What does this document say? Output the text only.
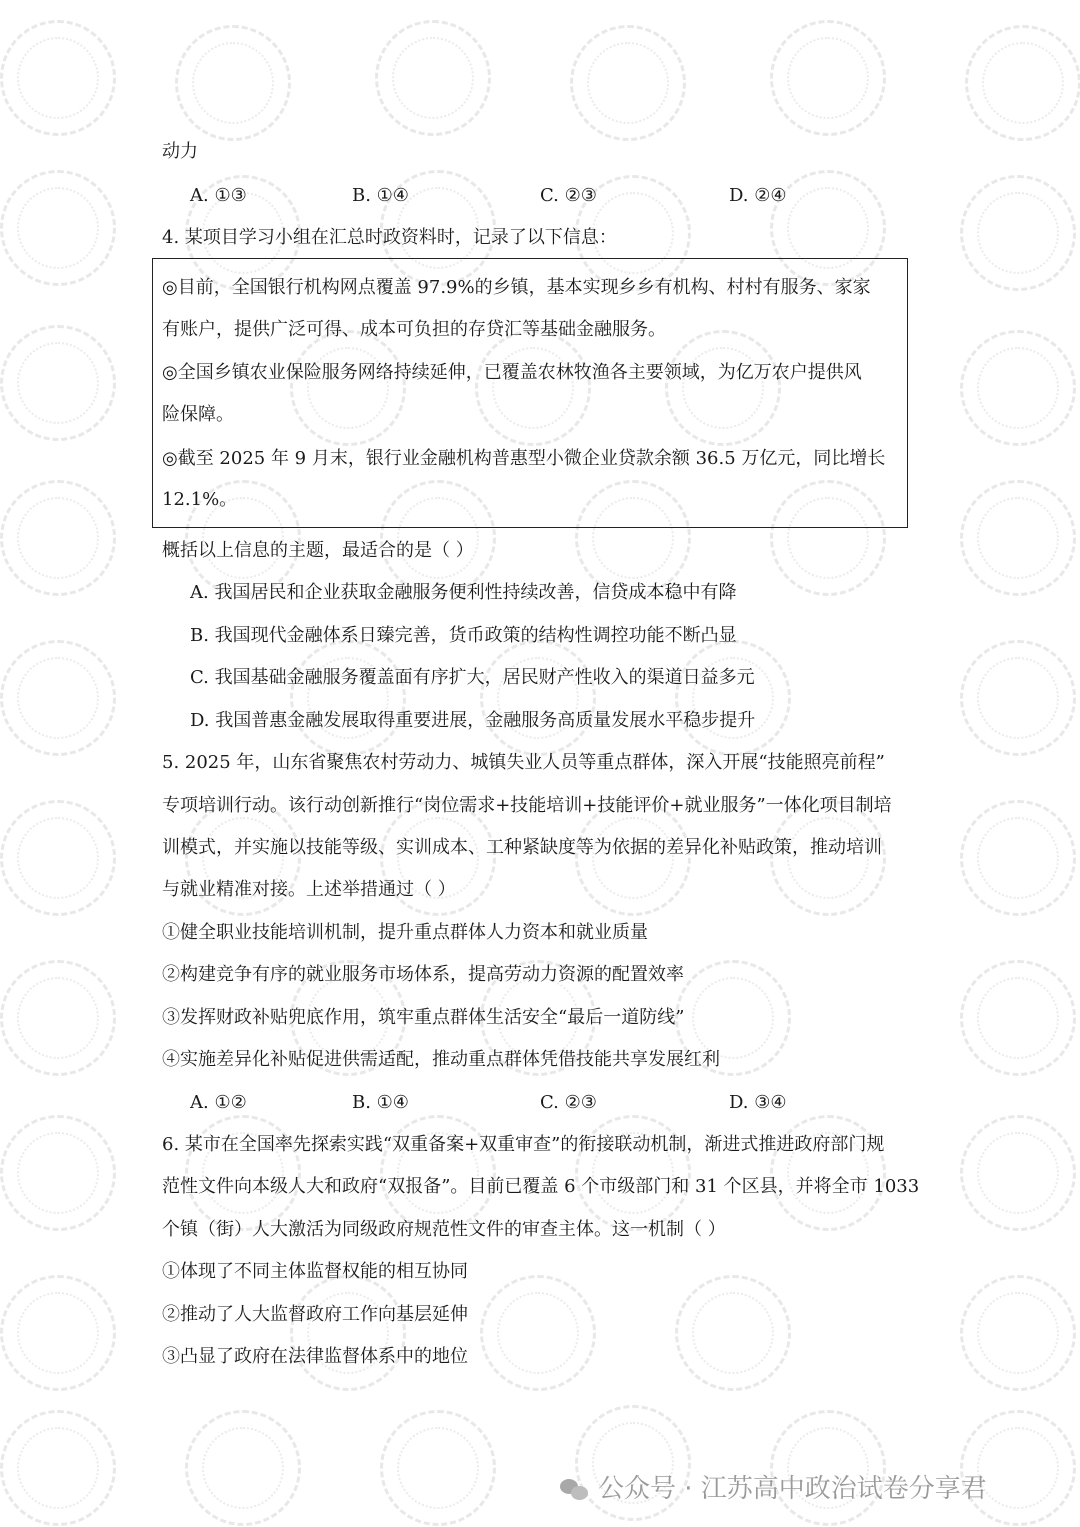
动力
A. ①③	B. ①④	C. ②③	D. ②④
4. 某项目学习小组在汇总时政资料时，记录了以下信息：
◎目前，全国银行机构网点覆盖 97.9%的乡镇，基本实现乡乡有机构、村村有服务、家家
有账户，提供广泛可得、成本可负担的存贷汇等基础金融服务。
◎全国乡镇农业保险服务网络持续延伸，已覆盖农林牧渔各主要领域，为亿万农户提供风
险保障。
◎截至 2025 年 9 月末，银行业金融机构普惠型小微企业贷款余额 36.5 万亿元，同比增长
12.1%。
概括以上信息的主题，最适合的是（ ）
A. 我国居民和企业获取金融服务便利性持续改善，信贷成本稳中有降
B. 我国现代金融体系日臻完善，货币政策的结构性调控功能不断凸显
C. 我国基础金融服务覆盖面有序扩大，居民财产性收入的渠道日益多元
D. 我国普惠金融发展取得重要进展，金融服务高质量发展水平稳步提升
5. 2025 年，山东省聚焦农村劳动力、城镇失业人员等重点群体，深入开展“技能照亮前程”
专项培训行动。该行动创新推行“岗位需求+技能培训+技能评价+就业服务”一体化项目制培
训模式，并实施以技能等级、实训成本、工种紧缺度等为依据的差异化补贴政策，推动培训
与就业精准对接。上述举措通过（ ）
①健全职业技能培训机制，提升重点群体人力资本和就业质量
②构建竞争有序的就业服务市场体系，提高劳动力资源的配置效率
③发挥财政补贴兜底作用，筑牢重点群体生活安全“最后一道防线”
④实施差异化补贴促进供需适配，推动重点群体凭借技能共享发展红利
A. ①②	B. ①④	C. ②③	D. ③④
6. 某市在全国率先探索实践“双重备案+双重审查”的衔接联动机制，渐进式推进政府部门规
范性文件向本级人大和政府“双报备”。目前已覆盖 6 个市级部门和 31 个区县，并将全市 1033
个镇（街）人大激活为同级政府规范性文件的审查主体。这一机制（ ）
①体现了不同主体监督权能的相互协同
②推动了人大监督政府工作向基层延伸
③凸显了政府在法律监督体系中的地位
公众号 · 江苏高中政治试卷分享君
